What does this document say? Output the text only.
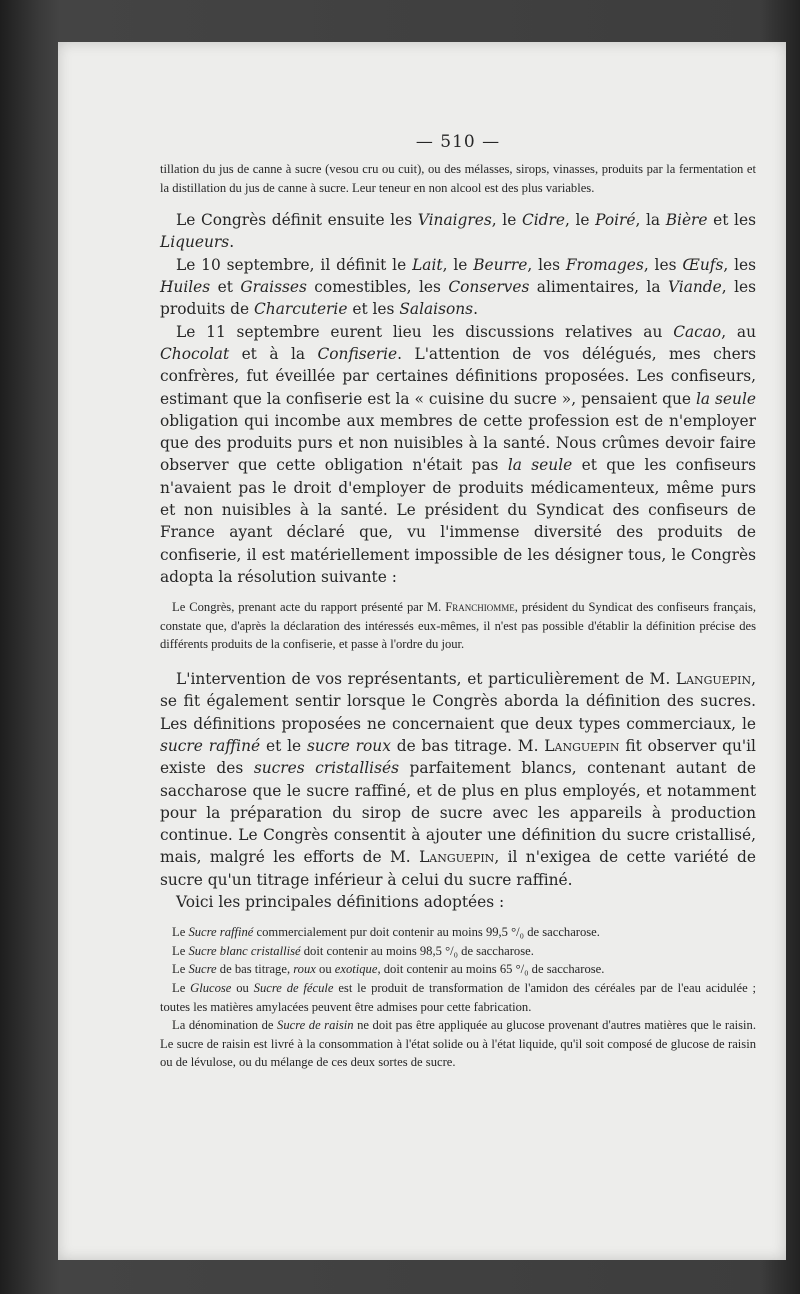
— 510 —

tillation du jus de canne à sucre (vesou cru ou cuit), ou des mélasses, sirops, vinasses, produits par la fermentation et la distillation du jus de canne à sucre. Leur teneur en non alcool est des plus variables.

Le Congrès définit ensuite les Vinaigres, le Cidre, le Poiré, la Bière et les Liqueurs.

Le 10 septembre, il définit le Lait, le Beurre, les Fromages, les Œufs, les Huiles et Graisses comestibles, les Conserves alimentaires, la Viande, les produits de Charcuterie et les Salaisons.

Le 11 septembre eurent lieu les discussions relatives au Cacao, au Chocolat et à la Confiserie. L'attention de vos délégués, mes chers confrères, fut éveillée par certaines définitions proposées. Les confiseurs, estimant que la confiserie est la « cuisine du sucre », pensaient que la seule obligation qui incombe aux membres de cette profession est de n'employer que des produits purs et non nuisibles à la santé. Nous crûmes devoir faire observer que cette obligation n'était pas la seule et que les confiseurs n'avaient pas le droit d'employer de produits médicamenteux, même purs et non nuisibles à la santé. Le président du Syndicat des confiseurs de France ayant déclaré que, vu l'immense diversité des produits de confiserie, il est matériellement impossible de les désigner tous, le Congrès adopta la résolution suivante :

Le Congrès, prenant acte du rapport présenté par M. Franchiomme, président du Syndicat des confiseurs français, constate que, d'après la déclaration des intéressés eux-mêmes, il n'est pas possible d'établir la définition précise des différents produits de la confiserie, et passe à l'ordre du jour.

L'intervention de vos représentants, et particulièrement de M. Languepin, se fit également sentir lorsque le Congrès aborda la définition des sucres. Les définitions proposées ne concernaient que deux types commerciaux, le sucre raffiné et le sucre roux de bas titrage. M. Languepin fit observer qu'il existe des sucres cristallisés parfaitement blancs, contenant autant de saccharose que le sucre raffiné, et de plus en plus employés, et notamment pour la préparation du sirop de sucre avec les appareils à production continue. Le Congrès consentit à ajouter une définition du sucre cristallisé, mais, malgré les efforts de M. Languepin, il n'exigea de cette variété de sucre qu'un titrage inférieur à celui du sucre raffiné.

Voici les principales définitions adoptées :

Le Sucre raffiné commercialement pur doit contenir au moins 99,5 °/₀ de saccharose.

Le Sucre blanc cristallisé doit contenir au moins 98,5 °/₀ de saccharose.

Le Sucre de bas titrage, roux ou exotique, doit contenir au moins 65 °/₀ de saccharose.

Le Glucose ou Sucre de fécule est le produit de transformation de l'amidon des céréales par de l'eau acidulée ; toutes les matières amylacées peuvent être admises pour cette fabrication.

La dénomination de Sucre de raisin ne doit pas être appliquée au glucose provenant d'autres matières que le raisin. Le sucre de raisin est livré à la consommation à l'état solide ou à l'état liquide, qu'il soit composé de glucose de raisin ou de lévulose, ou du mélange de ces deux sortes de sucre.
